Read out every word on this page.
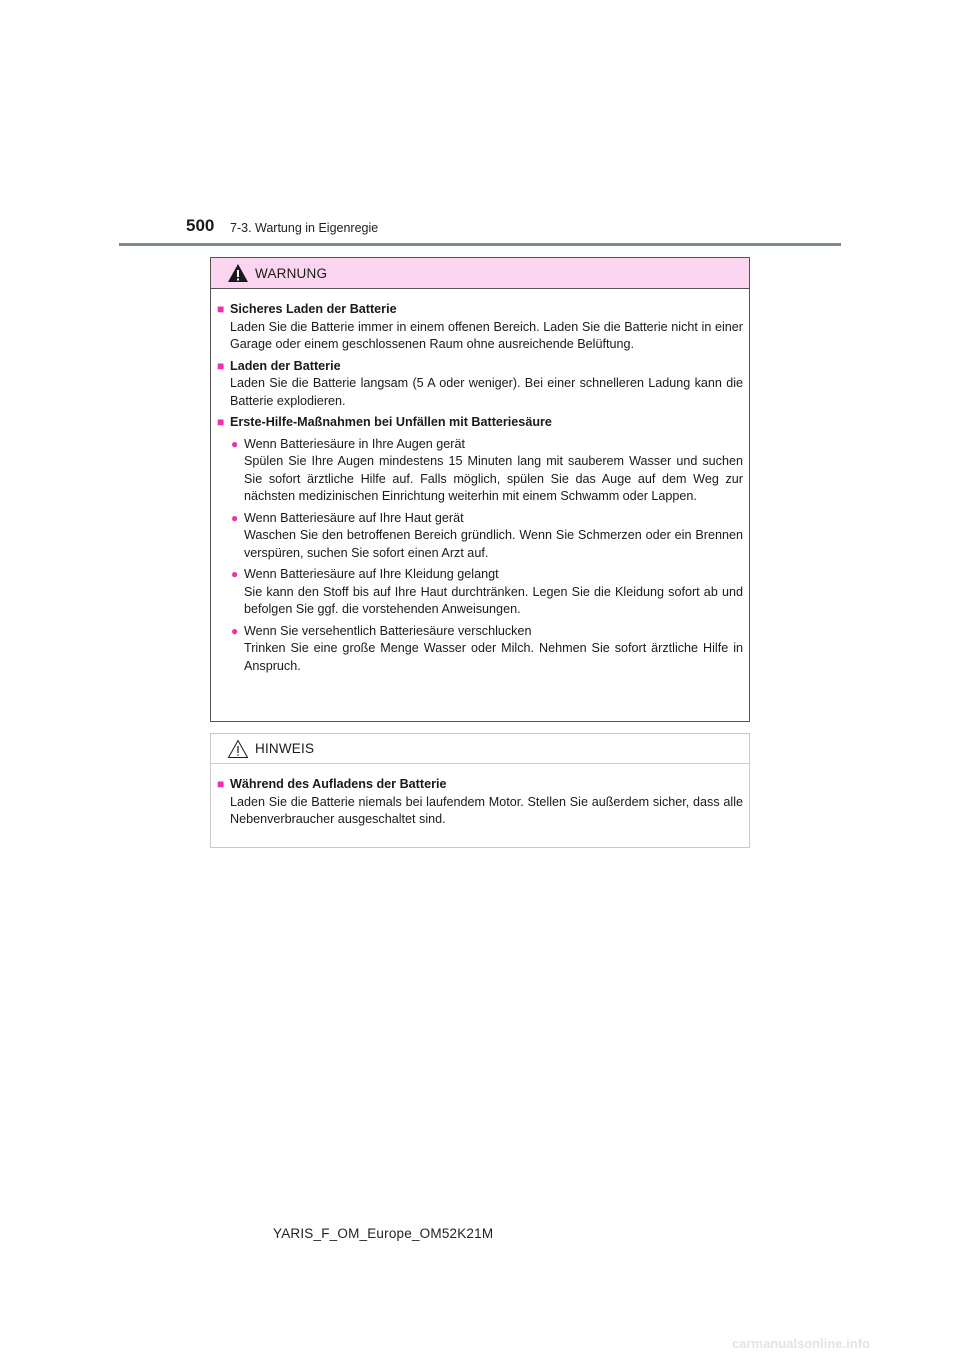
500 7-3. Wartung in Eigenregie
WARNUNG
■ Sicheres Laden der Batterie
Laden Sie die Batterie immer in einem offenen Bereich. Laden Sie die Batterie nicht in einer Garage oder einem geschlossenen Raum ohne ausreichende Belüftung.
■ Laden der Batterie
Laden Sie die Batterie langsam (5 A oder weniger). Bei einer schnelleren Ladung kann die Batterie explodieren.
■ Erste-Hilfe-Maßnahmen bei Unfällen mit Batteriesäure
● Wenn Batteriesäure in Ihre Augen gerät
Spülen Sie Ihre Augen mindestens 15 Minuten lang mit sauberem Wasser und suchen Sie sofort ärztliche Hilfe auf. Falls möglich, spülen Sie das Auge auf dem Weg zur nächsten medizinischen Einrichtung weiterhin mit einem Schwamm oder Lappen.
● Wenn Batteriesäure auf Ihre Haut gerät
Waschen Sie den betroffenen Bereich gründlich. Wenn Sie Schmerzen oder ein Brennen verspüren, suchen Sie sofort einen Arzt auf.
● Wenn Batteriesäure auf Ihre Kleidung gelangt
Sie kann den Stoff bis auf Ihre Haut durchtränken. Legen Sie die Kleidung sofort ab und befolgen Sie ggf. die vorstehenden Anweisungen.
● Wenn Sie versehentlich Batteriesäure verschlucken
Trinken Sie eine große Menge Wasser oder Milch. Nehmen Sie sofort ärztliche Hilfe in Anspruch.
HINWEIS
■ Während des Aufladens der Batterie
Laden Sie die Batterie niemals bei laufendem Motor. Stellen Sie außerdem sicher, dass alle Nebenverbraucher ausgeschaltet sind.
YARIS_F_OM_Europe_OM52K21M
carmanualsonline.info
